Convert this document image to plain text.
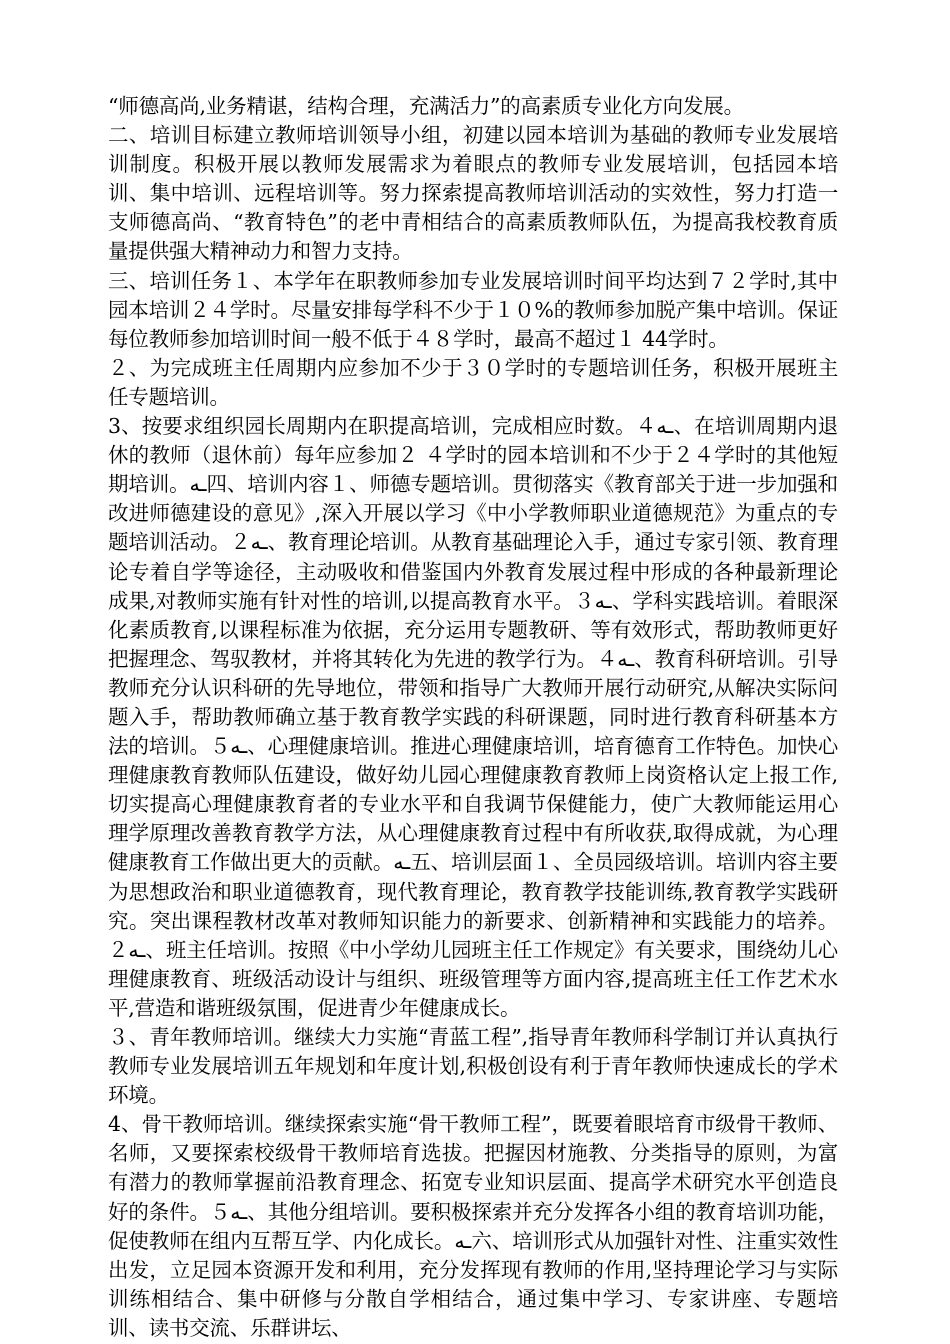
“师德高尚,业务精谌，结构合理，充满活力”的高素质专业化方向发展。

二、培训目标建立教师培训领导小组，初建以园本培训为基础的教师专业发展培训制度。积极开展以教师发展需求为着眼点的教师专业发展培训，包括园本培训、集中培训、远程培训等。努力探索提高教师培训活动的实效性，努力打造一支师德高尚、“教育特色”的老中青相结合的高素质教师队伍，为提高我校教育质量提供强大精神动力和智力支持。

三、培训任务１、本学年在职教师参加专业发展培训时间平均达到７２学时,其中园本培训２４学时。尽量安排每学科不少于１０%的教师参加脱产集中培训。保证每位教师参加培训时间一般不低于４８学时，最高不超过１ 44学时。

２、为完成班主任周期内应参加不少于３０学时的专题培训任务，积极开展班主任专题培训。

3、按要求组织园长周期内在职提高培训，完成相应时数。４ـه、在培训周期内退休的教师（退休前）每年应参加２ ４学时的园本培训和不少于２４学时的其他短期培训。ـه四、培训内容１、师德专题培训。贯彻落实《教育部关于进一步加强和改进师德建设的意见》,深入开展以学习《中小学教师职业道德规范》为重点的专题培训活动。２ـه、教育理论培训。从教育基础理论入手，通过专家引领、教育理论专着自学等途径，主动吸收和借鉴国内外教育发展过程中形成的各种最新理论成果,对教师实施有针对性的培训,以提高教育水平。３ـه、学科实践培训。着眼深化素质教育,以课程标准为依据，充分运用专题教研、等有效形式，帮助教师更好把握理念、驾驭教材，并将其转化为先进的教学行为。４ـه、教育科研培训。引导教师充分认识科研的先导地位，带领和指导广大教师开展行动研究,从解决实际问题入手，帮助教师确立基于教育教学实践的科研课题，同时进行教育科研基本方法的培训。５ـه、心理健康培训。推进心理健康培训，培育德育工作特色。加快心理健康教育教师队伍建设，做好幼儿园心理健康教育教师上岗资格认定上报工作,切实提高心理健康教育者的专业水平和自我调节保健能力，使广大教师能运用心理学原理改善教育教学方法，从心理健康教育过程中有所收获,取得成就，为心理健康教育工作做出更大的贡献。ـه五、培训层面１、全员园级培训。培训内容主要为思想政治和职业道德教育，现代教育理论，教育教学技能训练,教育教学实践研究。突出课程教材改革对教师知识能力的新要求、创新精神和实践能力的培养。２ـه、班主任培训。按照《中小学幼儿园班主任工作规定》有关要求，围绕幼儿心理健康教育、班级活动设计与组织、班级管理等方面内容,提高班主任工作艺术水平,营造和谐班级氛围，促进青少年健康成长。

３、青年教师培训。继续大力实施“青蓝工程”,指导青年教师科学制订并认真执行教师专业发展培训五年规划和年度计划,积极创设有利于青年教师快速成长的学术环境。

4、骨干教师培训。继续探索实施“骨干教师工程”，既要着眼培育市级骨干教师、名师，又要探索校级骨干教师培育选拔。把握因材施教、分类指导的原则，为富有潜力的教师掌握前沿教育理念、拓宽专业知识层面、提高学术研究水平创造良好的条件。５ـه、其他分组培训。要积极探索并充分发挥各小组的教育培训功能，促使教师在组内互帮互学、内化成长。ـه六、培训形式从加强针对性、注重实效性出发，立足园本资源开发和利用，充分发挥现有教师的作用,坚持理论学习与实际训练相结合、集中研修与分散自学相结合，通过集中学习、专家讲座、专题培训、读书交流、乐群讲坛、
